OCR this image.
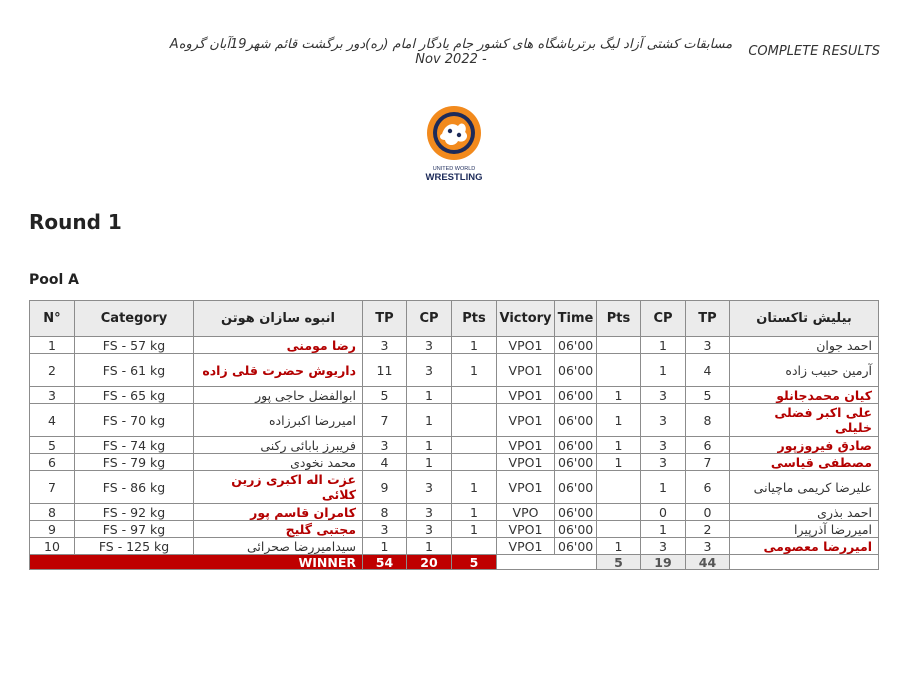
مسابقات کشتی آزاد لیگ برترباشگاه های کشور جام یادگار امام (ره)دور برگشت قائم شهر19آبان گروهA
- Nov 2022
COMPLETE RESULTS
UNITED WORLD
WRESTLING
Round 1
Pool A
N°	Category	انبوه سازان هوتن	TP	CP	Pts	Victory	Time	Pts	CP	TP	بیلیش تاکستان
1	FS - 57 kg	رضا مومنی	3	3	1	VPO1	06'00		1	3	احمد جوان
2	FS - 61 kg	داریوش حضرت قلی زاده	11	3	1	VPO1	06'00		1	4	آرمین حبیب زاده
3	FS - 65 kg	ابوالفضل حاجی پور	5	1		VPO1	06'00	1	3	5	کیان محمدجانلو
4	FS - 70 kg	امیررضا اکبرزاده	7	1		VPO1	06'00	1	3	8	علی اکبر فضلی خلیلی
5	FS - 74 kg	فریبرز بابائی رکنی	3	1		VPO1	06'00	1	3	6	صادق فیروزپور
6	FS - 79 kg	محمد نخودی	4	1		VPO1	06'00	1	3	7	مصطفی قیاسی
7	FS - 86 kg	عزت اله اکبری زرین کلائی	9	3	1	VPO1	06'00		1	6	علیرضا کریمی ماچیانی
8	FS - 92 kg	کامران قاسم پور	8	3	1	VPO	06'00		0	0	احمد بذری
9	FS - 97 kg	مجتبی گلیج	3	3	1	VPO1	06'00		1	2	امیررضا آذرپیرا
10	FS - 125 kg	سیدامیررضا صحرائی	1	1		VPO1	06'00	1	3	3	امیررضا معصومی
WINNER			54	20	5			5	19	44	
